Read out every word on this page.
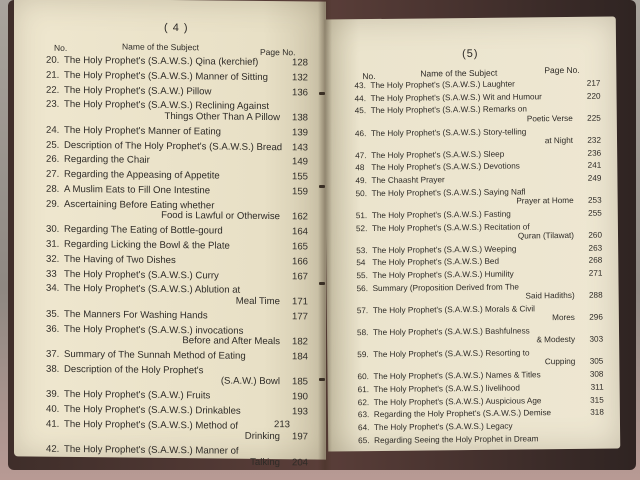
( 4 )
No.	Name of the Subject	Page No.
20. The Holy Prophet's (S.A.W.S.) Qina (kerchief)	128
21. The Holy Prophet's (S.A.W.S.) Manner of Sitting	132
22. The Holy Prophet's (S.A.W.) Pillow	136
23. The Holy Prophet's (S.A.W.S.) Reclining Against
Things Other Than A Pillow 138
24. The Holy Prophet's Manner of Eating	139
25. Description of The Holy Prophet's (S.A.W.S.) Bread 143
26. Regarding the Chair	149
27. Regarding the Appeasing of Appetite	155
28. A Muslim Eats to Fill One Intestine	159
29. Ascertaining Before Eating whether
Food is Lawful or Otherwise 162
30. Regarding The Eating of Bottle-gourd	164
31. Regarding Licking the Bowl & the Plate	165
32. The Having of Two Dishes	166
33 The Holy Prophet's (S.A.W.S.) Curry	167
34. The Holy Prophet's (S.A.W.S.) Ablution at
Meal Time 171
35. The Manners For Washing Hands	177
36. The Holy Prophet's (S.A.W.S.) invocations
Before and After Meals 182
37. Summary of The Sunnah Method of Eating	184
38. Description of the Holy Prophet's
(S.A.W.) Bowl 185
39. The Holy Prophet's (S.A.W.) Fruits	190
40. The Holy Prophet's (S.A.W.S.) Drinkables	193
41. The Holy Prophet's (S.A.W.S.) Method of
Drinking 197
42. The Holy Prophet's (S.A.W.S.) Manner of
Talking 204
213
(5)
No.	Name of the Subject	Page No.
43. The Holy Prophet's (S.A.W.S.) Laughter	217
44. The Holy Prophet's (S.A.W.S.) Wit and Humour	220
45. The Holy Prophet's (S.A.W.S.) Remarks on
Poetic Verse 225
46. The Holy Prophet's (S.A.W.S.) Story-telling
at Night 232
47. The Holy Prophet's (S.A.W.S.) Sleep	236
48 The Holy Prophet's (S.A.W.S.) Devotions	241
49. The Chaasht Prayer	249
50. The Holy Prophet's (S.A.W.S.) Saying Nafl
Prayer at Home 253
51. The Holy Prophet's (S.A.W.S.) Fasting	255
52. The Holy Prophet's (S.A.W.S.) Recitation of
Quran (Tilawat) 260
53. The Holy Prophet's (S.A.W.S.) Weeping	263
54 The Holy Prophet's (S.A.W.S.) Bed	268
55. The Holy Prophet's (S.A.W.S.) Humility	271
56. Summary (Proposition Derived from The
Said Hadiths) 288
57. The Holy Prophet's (S.A.W.S.) Morals & Civil
Mores 296
58. The Holy Prophet's (S.A.W.S.) Bashfulness
& Modesty 303
59. The Holy Prophet's (S.A.W.S.) Resorting to
Cupping 305
60. The Holy Prophet's (S.A.W.S.) Names & Titles	308
61. The Holy Prophet's (S.A.W.S.) livelihood	311
62. The Holy Prophet's (S.A.W.S.) Auspicious Age	315
63. Regarding the Holy Prophet's (S.A.W.S.) Demise	318
64. The Holy Prophet's (S.A.W.S.) Legacy
65. Regarding Seeing the Holy Prophet in Dream
